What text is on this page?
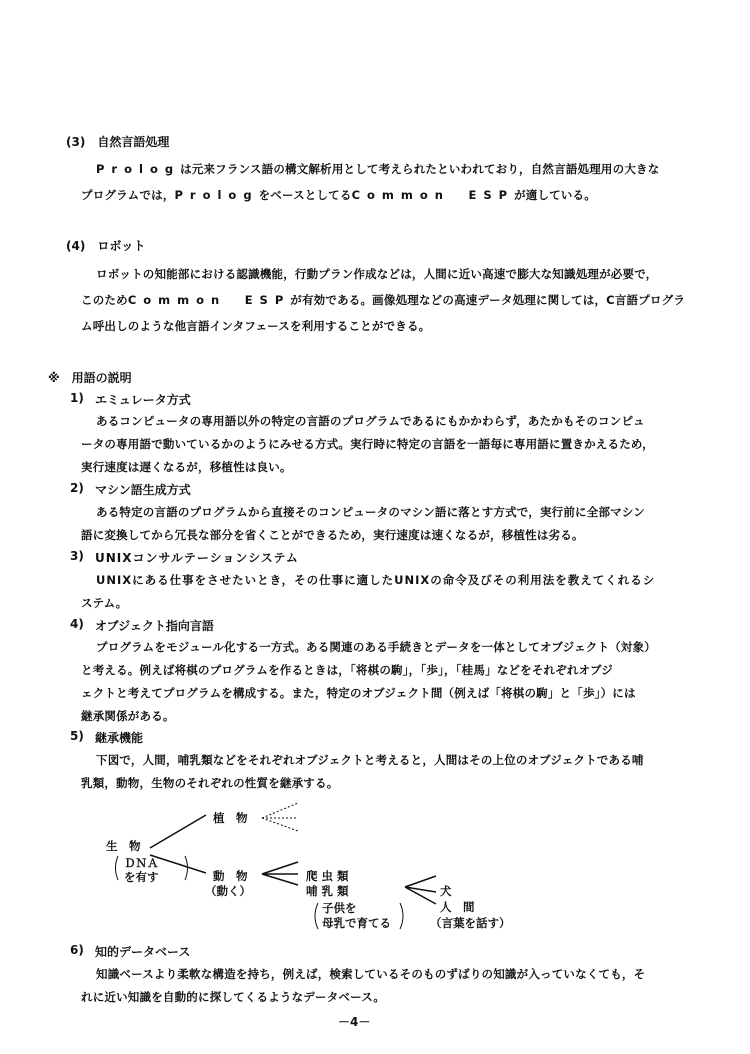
(3)　自然言語処理
Prologは元来フランス語の構文解析用として考えられたといわれており，自然言語処理用の大きな
プログラムでは，PrologをベースとしてるCommon　ESPが適している。
(4)　ロボット
ロボットの知能部における認識機能，行動プラン作成などは，人間に近い高速で膨大な知識処理が必要で，
このためCommon　ESPが有効である。画像処理などの高速データ処理に関しては，C言語プログラ
ム呼出しのような他言語インタフェースを利用することができる。
※　用語の説明
1) エミュレータ方式
あるコンピュータの専用語以外の特定の言語のプログラムであるにもかかわらず，あたかもそのコンピュ
ータの専用語で動いているかのようにみせる方式。実行時に特定の言語を一語毎に専用語に置きかえるため，
実行速度は遅くなるが，移植性は良い。
2) マシン語生成方式
ある特定の言語のプログラムから直接そのコンピュータのマシン語に落とす方式で，実行前に全部マシン
語に変換してから冗長な部分を省くことができるため，実行速度は速くなるが，移植性は劣る。
3) UNIXコンサルテーションシステム
UNIXにある仕事をさせたいとき，その仕事に適したUNIXの命令及びその利用法を教えてくれるシ
ステム。
4) オブジェクト指向言語
プログラムをモジュール化する一方式。ある関連のある手続きとデータを一体としてオブジェクト（対象）
と考える。例えば将棋のプログラムを作るときは，「将棋の駒」，「歩」，「桂馬」などをそれぞれオブジ
ェクトと考えてプログラムを構成する。また，特定のオブジェクト間（例えば「将棋の駒」と「歩」）には
継承関係がある。
5) 継承機能
下図で，人間，哺乳類などをそれぞれオブジェクトと考えると，人間はその上位のオブジェクトである哺
乳類，動物，生物のそれぞれの性質を継承する。
生　物
ＤＮＡ
を有す
植　物
動　物
（動く）
爬虫類
哺乳類
子供を
母乳で育てる
犬
人　間
（言葉を話す）
6) 知的データベース
知識ベースより柔軟な構造を持ち，例えば，検索しているそのものずばりの知識が入っていなくても，そ
れに近い知識を自動的に探してくるようなデータベース。
－4－
